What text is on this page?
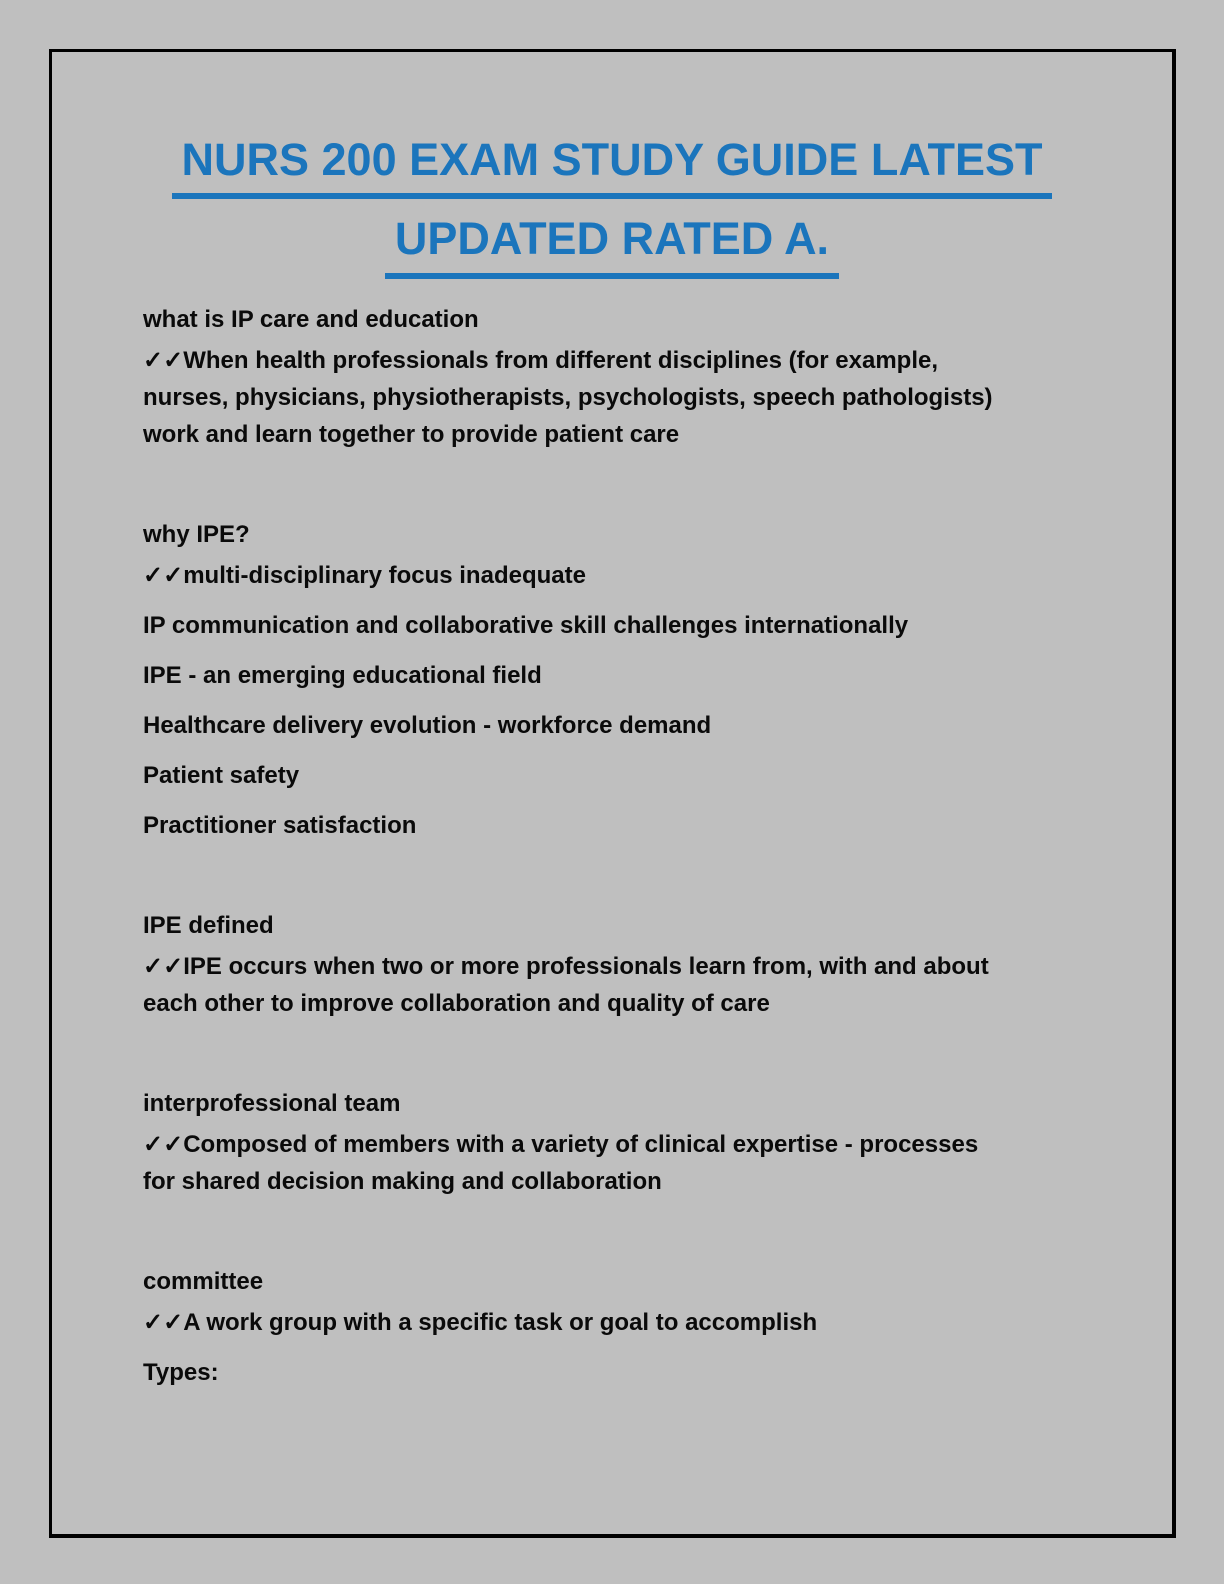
NURS 200 EXAM STUDY GUIDE LATEST
UPDATED RATED A.

what is IP care and education

✓✓When health professionals from different disciplines (for example, nurses, physicians, physiotherapists, psychologists, speech pathologists) work and learn together to provide patient care

why IPE?

✓✓multi-disciplinary focus inadequate

IP communication and collaborative skill challenges internationally

IPE - an emerging educational field

Healthcare delivery evolution - workforce demand

Patient safety

Practitioner satisfaction

IPE defined

✓✓IPE occurs when two or more professionals learn from, with and about each other to improve collaboration and quality of care

interprofessional team

✓✓Composed of members with a variety of clinical expertise - processes for shared decision making and collaboration

committee

✓✓A work group with a specific task or goal to accomplish

Types:
